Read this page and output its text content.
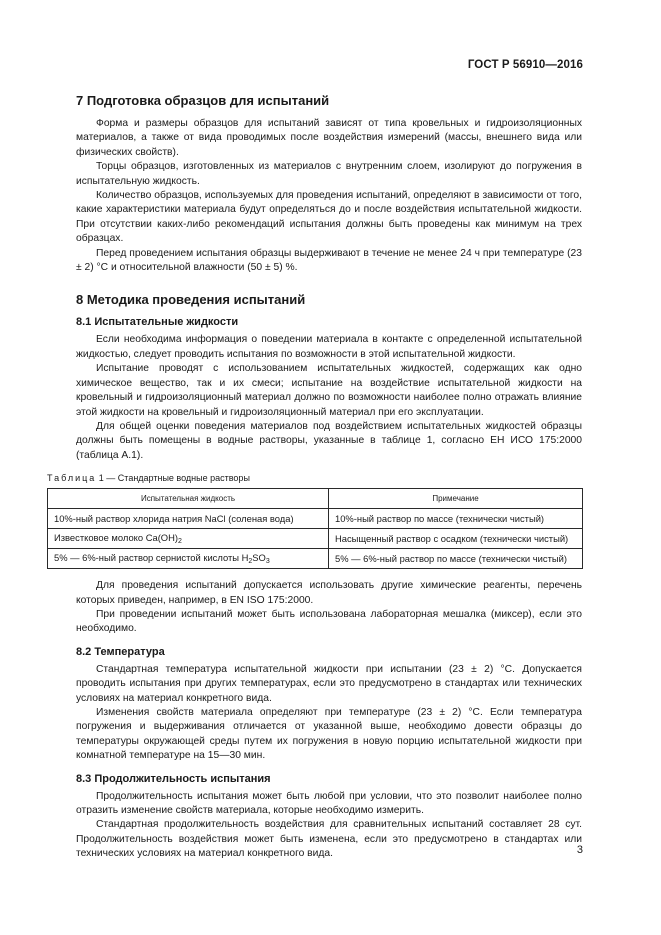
ГОСТ Р 56910—2016
7 Подготовка образцов для испытаний

Форма и размеры образцов для испытаний зависят от типа кровельных и гидроизоляционных материалов, а также от вида проводимых после воздействия измерений (массы, внешнего вида или физических свойств).

Торцы образцов, изготовленных из материалов с внутренним слоем, изолируют до погружения в испытательную жидкость.

Количество образцов, используемых для проведения испытаний, определяют в зависимости от того, какие характеристики материала будут определяться до и после воздействия испытательной жидкости. При отсутствии каких-либо рекомендаций испытания должны быть проведены как минимум на трех образцах.

Перед проведением испытания образцы выдерживают в течение не менее 24 ч при температуре (23 ± 2) °С и относительной влажности (50 ± 5) %.

8 Методика проведения испытаний
8.1 Испытательные жидкости

Если необходима информация о поведении материала в контакте с определенной испытательной жидкостью, следует проводить испытания по возможности в этой испытательной жидкости.

Испытание проводят с использованием испытательных жидкостей, содержащих как одно химическое вещество, так и их смеси; испытание на воздействие испытательной жидкости на кровельный и гидроизоляционный материал должно по возможности наиболее полно отражать влияние этой жидкости на кровельный и гидроизоляционный материал при его эксплуатации.

Для общей оценки поведения материалов под воздействием испытательных жидкостей образцы должны быть помещены в водные растворы, указанные в таблице 1, согласно ЕН ИСО 175:2000 (таблица А.1).

Таблица 1 — Стандартные водные растворы
Испытательная жидкость	Примечание
10%-ный раствор хлорида натрия NaCl (соленая вода)	10%-ный раствор по массе (технически чистый)
Известковое молоко $Ca(OH)_2$	Насыщенный раствор с осадком (технически чистый)
5% — 6%-ный раствор сернистой кислоты $H_2SO_3$	5% — 6%-ный раствор по массе (технически чистый)

Для проведения испытаний допускается использовать другие химические реагенты, перечень которых приведен, например, в EN ISO 175:2000.

При проведении испытаний может быть использована лабораторная мешалка (миксер), если это необходимо.

8.2 Температура

Стандартная температура испытательной жидкости при испытании (23 ± 2) °С. Допускается проводить испытания при других температурах, если это предусмотрено в стандартах или технических условиях на материал конкретного вида.

Изменения свойств материала определяют при температуре (23 ± 2) °С. Если температура погружения и выдерживания отличается от указанной выше, необходимо довести образцы до температуры окружающей среды путем их погружения в новую порцию испытательной жидкости при комнатной температуре на 15—30 мин.

8.3 Продолжительность испытания

Продолжительность испытания может быть любой при условии, что это позволит наиболее полно отразить изменение свойств материала, которые необходимо измерить.

Стандартная продолжительность воздействия для сравнительных испытаний составляет 28 сут. Продолжительность воздействия может быть изменена, если это предусмотрено в стандартах или технических условиях на материал конкретного вида.	3
